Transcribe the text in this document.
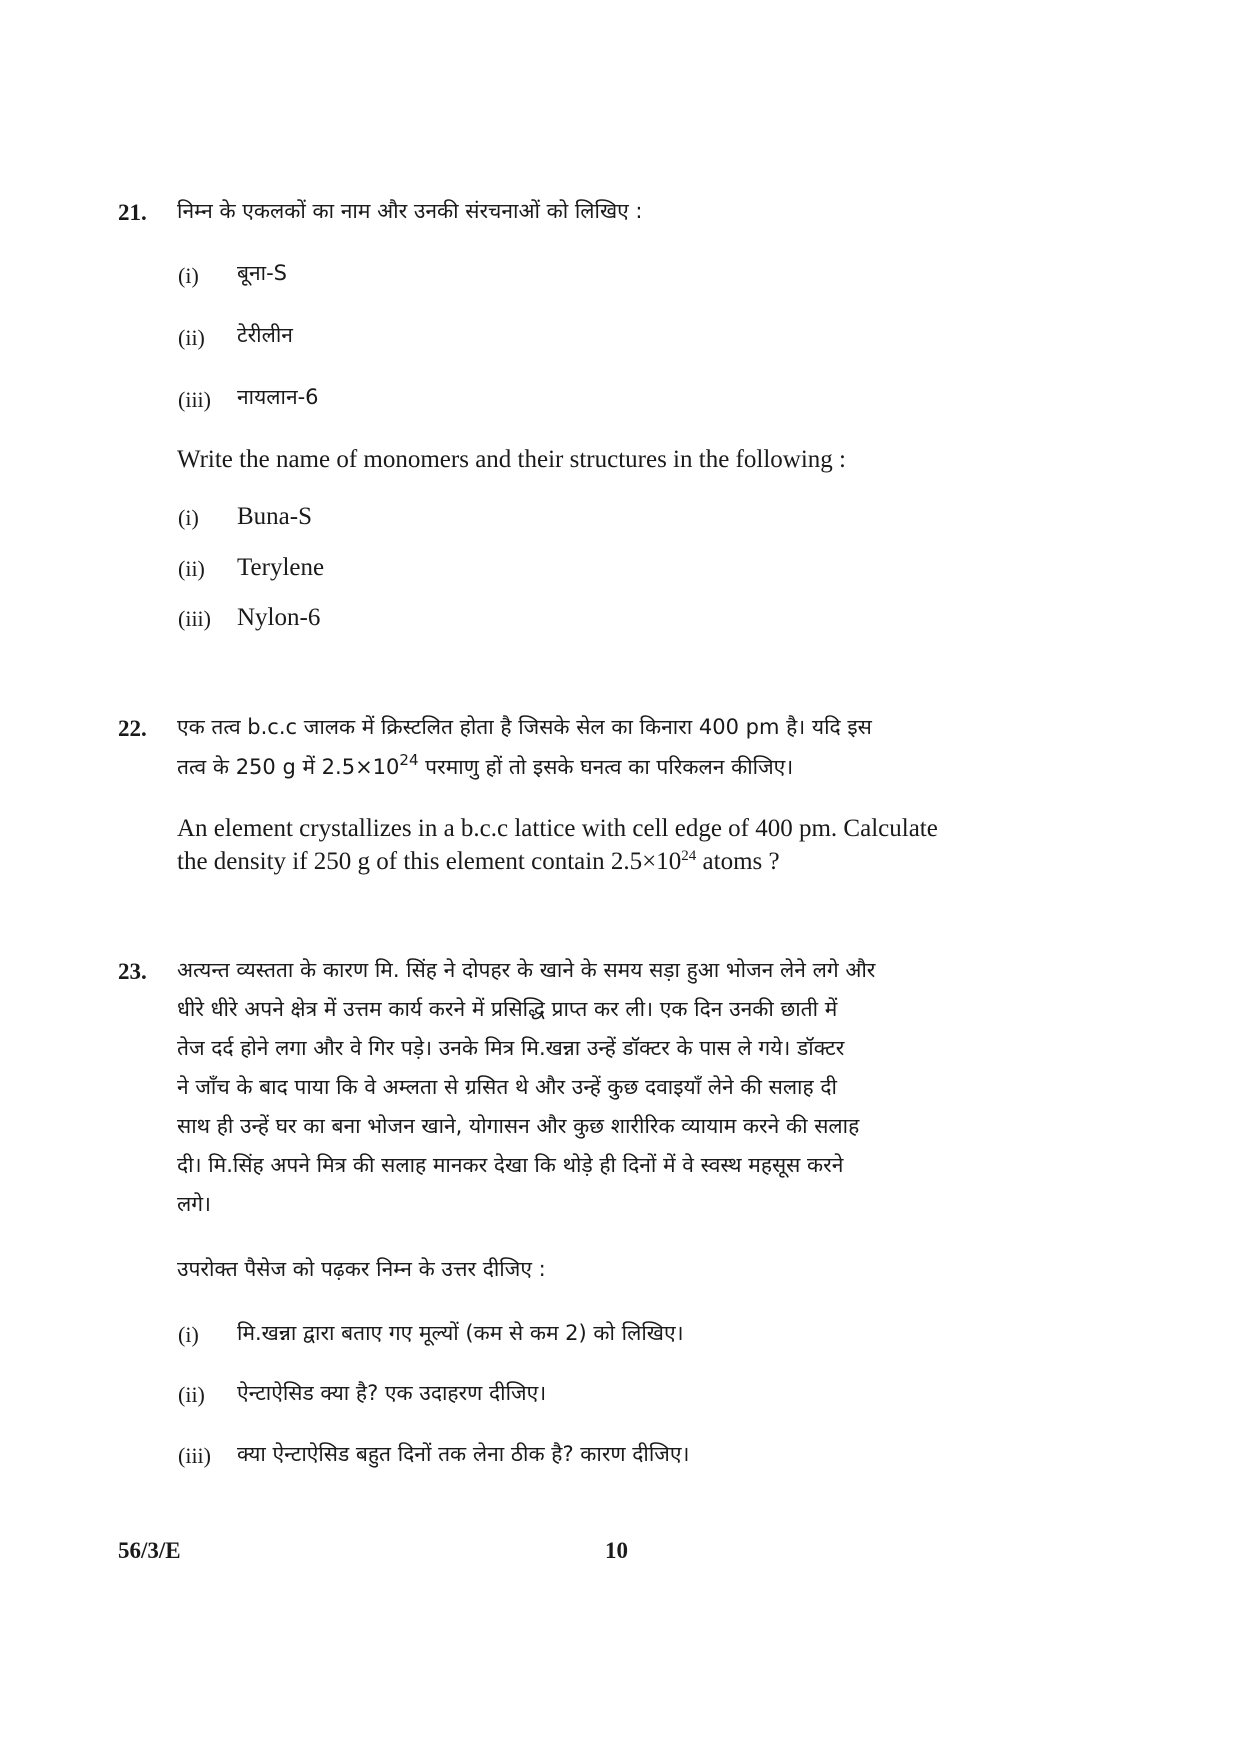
21. निम्न के एकलकों का नाम और उनकी संरचनाओं को लिखिए :
(i) बूना-S
(ii) टेरीलीन
(iii) नायलान-6
Write the name of monomers and their structures in the following :
(i) Buna-S
(ii) Terylene
(iii) Nylon-6
22. एक तत्व b.c.c जालक में क्रिस्टलित होता है जिसके सेल का किनारा 400 pm है। यदि इस
तत्व के 250 g में $2.5\times 10^{24}$ परमाणु हों तो इसके घनत्व का परिकलन कीजिए।
An element crystallizes in a b.c.c lattice with cell edge of 400 pm. Calculate
the density if 250 g of this element contain $2.5\times 10^{24}$ atoms ?
23. अत्यन्त व्यस्तता के कारण मि. सिंह ने दोपहर के खाने के समय सड़ा हुआ भोजन लेने लगे और
धीरे धीरे अपने क्षेत्र में उत्तम कार्य करने में प्रसिद्धि प्राप्त कर ली। एक दिन उनकी छाती में
तेज दर्द होने लगा और वे गिर पड़े। उनके मित्र मि.खन्ना उन्हें डॉक्टर के पास ले गये। डॉक्टर
ने जाँच के बाद पाया कि वे अम्लता से ग्रसित थे और उन्हें कुछ दवाइयाँ लेने की सलाह दी
साथ ही उन्हें घर का बना भोजन खाने, योगासन और कुछ शारीरिक व्यायाम करने की सलाह
दी। मि.सिंह अपने मित्र की सलाह मानकर देखा कि थोड़े ही दिनों में वे स्वस्थ महसूस करने
लगे।
उपरोक्त पैसेज को पढ़कर निम्न के उत्तर दीजिए :
(i) मि.खन्ना द्वारा बताए गए मूल्यों (कम से कम 2) को लिखिए।
(ii) ऐन्टाऐसिड क्या है? एक उदाहरण दीजिए।
(iii) क्या ऐन्टाऐसिड बहुत दिनों तक लेना ठीक है? कारण दीजिए।
56/3/E	10
